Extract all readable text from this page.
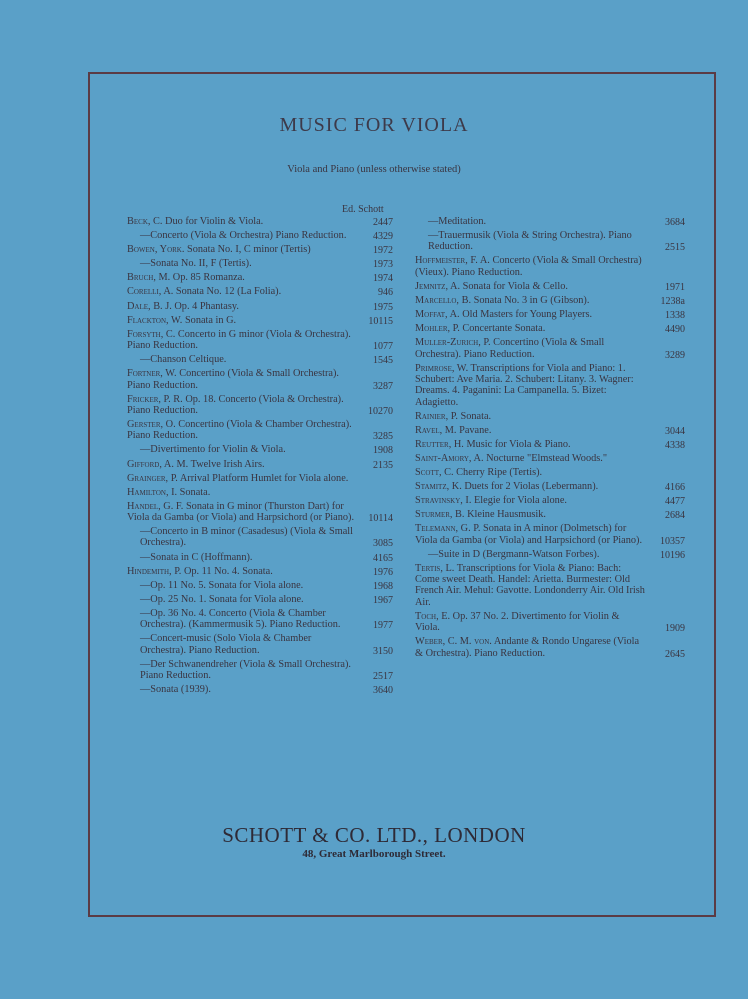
MUSIC FOR VIOLA
Viola and Piano (unless otherwise stated)
Ed. Schott
Beck, C. Duo for Violin & Viola.	2447
—Concerto (Viola & Orchestra) Piano Reduction.	4329
Bowen, York. Sonata No. I, C minor (Tertis)	1972
—Sonata No. II, F (Tertis).	1973
Bruch, M. Op. 85 Romanza.	1974
Corelli, A. Sonata No. 12 (La Folia).	946
Dale, B. J. Op. 4 Phantasy.	1975
Flackton, W. Sonata in G.	10115
Forsyth, C. Concerto in G minor (Viola & Orchestra). Piano Reduction.	1077
—Chanson Celtique.	1545
Fortner, W. Concertino (Viola & Small Orchestra). Piano Reduction.	3287
Fricker, P. R. Op. 18. Concerto (Viola & Orchestra). Piano Reduction.	10270
Gerster, O. Concertino (Viola & Chamber Orchestra). Piano Reduction.	3285
—Divertimento for Violin & Viola.	1908
Gifford, A. M. Twelve Irish Airs.	2135
Grainger, P. Arrival Platform Humlet for Viola alone.
Hamilton, I. Sonata.
Handel, G. F. Sonata in G minor (Thurston Dart) for Viola da Gamba (or Viola) and Harpsichord (or Piano). 10114
—Concerto in B minor (Casadesus) (Viola & Small Orchestra).	3085
—Sonata in C (Hoffmann).	4165
Hindemith, P. Op. 11 No. 4. Sonata.	1976
—Op. 11 No. 5. Sonata for Viola alone.	1968
—Op. 25 No. 1. Sonata for Viola alone.	1967
—Op. 36 No. 4. Concerto (Viola & Chamber Orchestra). (Kammermusik 5). Piano Reduction.	1977
—Concert-music (Solo Viola & Chamber Orchestra). Piano Reduction.	3150
—Der Schwanendreher (Viola & Small Orchestra). Piano Reduction.	2517
—Sonata (1939).	3640
—Meditation.	3684
—Trauermusik (Viola & String Orchestra). Piano Reduction.	2515
Hoffmeister, F. A. Concerto (Viola & Small Orchestra) (Vieux). Piano Reduction.
Jemnitz, A. Sonata for Viola & Cello.	1971
Marcello, B. Sonata No. 3 in G (Gibson).	1238a
Moffat, A. Old Masters for Young Players.	1338
Mohler, P. Concertante Sonata.	4490
Muller-Zurich, P. Concertino (Viola & Small Orchestra). Piano Reduction.	3289
Primrose, W. Transcriptions for Viola and Piano: 1. Schubert: Ave Maria. 2. Schubert: Litany. 3. Wagner: Dreams. 4. Paganini: La Campanella. 5. Bizet: Adagietto.
Rainier, P. Sonata.
Ravel, M. Pavane.	3044
Reutter, H. Music for Viola & Piano.	4338
Saint-Amory, A. Nocturne "Elmstead Woods."
Scott, C. Cherry Ripe (Tertis).
Stamitz, K. Duets for 2 Violas (Lebermann).	4166
Stravinsky, I. Elegie for Viola alone.	4477
Sturmer, B. Kleine Hausmusik.	2684
Telemann, G. P. Sonata in A minor (Dolmetsch) for Viola da Gamba (or Viola) and Harpsichord (or Piano). 10357
—Suite in D (Bergmann-Watson Forbes).	10196
Tertis, L. Transcriptions for Viola & Piano: Bach: Come sweet Death. Handel: Arietta. Burmester: Old French Air. Mehul: Gavotte. Londonderry Air. Old Irish Air.
Toch, E. Op. 37 No. 2. Divertimento for Violin & Viola.	1909
Weber, C. M. von. Andante & Rondo Ungarese (Viola & Orchestra). Piano Reduction.	2645
SCHOTT & CO. LTD., LONDON
48, Great Marlborough Street.
